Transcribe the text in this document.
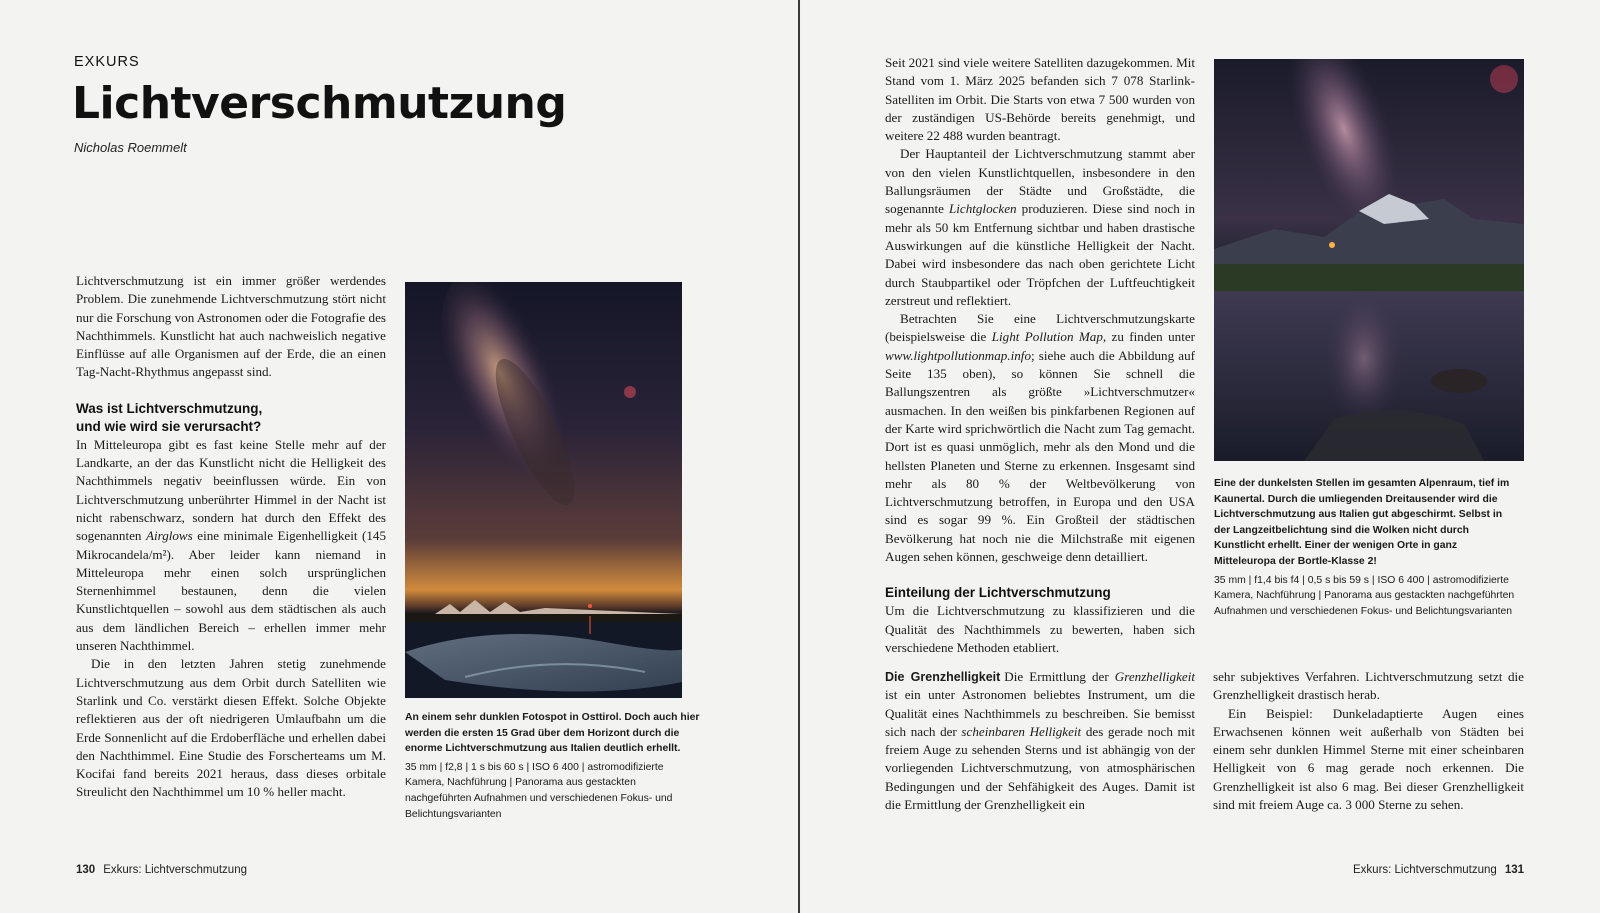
EXKURS
Lichtverschmutzung
Nicholas Roemmelt

Lichtverschmutzung ist ein immer größer werdendes Problem. Die zunehmende Lichtverschmutzung stört nicht nur die Forschung von Astronomen oder die Fotografie des Nachthimmels. Kunstlicht hat auch nachweislich negative Einflüsse auf alle Organismen auf der Erde, die an einen Tag-Nacht-Rhythmus angepasst sind.

Was ist Lichtverschmutzung,
und wie wird sie verursacht?

In Mitteleuropa gibt es fast keine Stelle mehr auf der Landkarte, an der das Kunstlicht nicht die Helligkeit des Nachthimmels negativ beeinflussen würde. Ein von Lichtverschmutzung unberührter Himmel in der Nacht ist nicht rabenschwarz, sondern hat durch den Effekt des sogenannten Airglows eine minimale Eigenhelligkeit (145 Mikrocandela/m²). Aber leider kann niemand in Mitteleuropa mehr einen solch ursprünglichen Sternenhimmel bestaunen, denn die vielen Kunstlichtquellen – sowohl aus dem städtischen als auch aus dem ländlichen Bereich – erhellen immer mehr unseren Nachthimmel.

Die in den letzten Jahren stetig zunehmende Lichtverschmutzung aus dem Orbit durch Satelliten wie Starlink und Co. verstärkt diesen Effekt. Solche Objekte reflektieren aus der oft niedrigeren Umlaufbahn um die Erde Sonnenlicht auf die Erdoberfläche und erhellen dabei den Nachthimmel. Eine Studie des Forscherteams um M. Kocifai fand bereits 2021 heraus, dass dieses orbitale Streulicht den Nachthimmel um 10 % heller macht.

An einem sehr dunklen Fotospot in Osttirol. Doch auch hier werden die ersten 15 Grad über dem Horizont durch die enorme Lichtverschmutzung aus Italien deutlich erhellt.
35 mm | f2,8 | 1 s bis 60 s | ISO 6 400 | astromodifizierte Kamera, Nachführung | Panorama aus gestackten nachgeführten Aufnahmen und verschiedenen Fokus- und Belichtungsvarianten
130 Exkurs: Lichtverschmutzung

Seit 2021 sind viele weitere Satelliten dazugekommen. Mit Stand vom 1. März 2025 befanden sich 7 078 Starlink-Satelliten im Orbit. Die Starts von etwa 7 500 wurden von der zuständigen US-Behörde bereits genehmigt, und weitere 22 488 wurden beantragt.

Der Hauptanteil der Lichtverschmutzung stammt aber von den vielen Kunstlichtquellen, insbesondere in den Ballungsräumen der Städte und Großstädte, die sogenannte Lichtglocken produzieren. Diese sind noch in mehr als 50 km Entfernung sichtbar und haben drastische Auswirkungen auf die künstliche Helligkeit der Nacht. Dabei wird insbesondere das nach oben gerichtete Licht durch Staubpartikel oder Tröpfchen der Luftfeuchtigkeit zerstreut und reflektiert.

Betrachten Sie eine Lichtverschmutzungskarte (beispielsweise die Light Pollution Map, zu finden unter www.lightpollutionmap.info; siehe auch die Abbildung auf Seite 135 oben), so können Sie schnell die Ballungszentren als größte »Lichtverschmutzer« ausmachen. In den weißen bis pinkfarbenen Regionen auf der Karte wird sprichwörtlich die Nacht zum Tag gemacht. Dort ist es quasi unmöglich, mehr als den Mond und die hellsten Planeten und Sterne zu erkennen. Insgesamt sind mehr als 80 % der Weltbevölkerung von Lichtverschmutzung betroffen, in Europa und den USA sind es sogar 99 %. Ein Großteil der städtischen Bevölkerung hat noch nie die Milchstraße mit eigenen Augen sehen können, geschweige denn detailliert.

Einteilung der Lichtverschmutzung

Um die Lichtverschmutzung zu klassifizieren und die Qualität des Nachthimmels zu bewerten, haben sich verschiedene Methoden etabliert.

Die Grenzhelligkeit Die Ermittlung der Grenzhelligkeit ist ein unter Astronomen beliebtes Instrument, um die Qualität eines Nachthimmels zu beschreiben. Sie bemisst sich nach der scheinbaren Helligkeit des gerade noch mit freiem Auge zu sehenden Sterns und ist abhängig von der vorliegenden Lichtverschmutzung, von atmosphärischen Bedingungen und der Sehfähigkeit des Auges. Damit ist die Ermittlung der Grenzhelligkeit ein

sehr subjektives Verfahren. Lichtverschmutzung setzt die Grenzhelligkeit drastisch herab.

Ein Beispiel: Dunkeladaptierte Augen eines Erwachsenen können weit außerhalb von Städten bei einem sehr dunklen Himmel Sterne mit einer scheinbaren Helligkeit von 6 mag gerade noch erkennen. Die Grenzhelligkeit ist also 6 mag. Bei dieser Grenzhelligkeit sind mit freiem Auge ca. 3 000 Sterne zu sehen.

Eine der dunkelsten Stellen im gesamten Alpenraum, tief im Kaunertal. Durch die umliegenden Dreitausender wird die Lichtverschmutzung aus Italien gut abgeschirmt. Selbst in der Langzeitbelichtung sind die Wolken nicht durch Kunstlicht erhellt. Einer der wenigen Orte in ganz Mitteleuropa der Bortle-Klasse 2!
35 mm | f1,4 bis f4 | 0,5 s bis 59 s | ISO 6 400 | astromodifizierte Kamera, Nachführung | Panorama aus gestackten nachgeführten Aufnahmen und verschiedenen Fokus- und Belichtungsvarianten
Exkurs: Lichtverschmutzung 131
